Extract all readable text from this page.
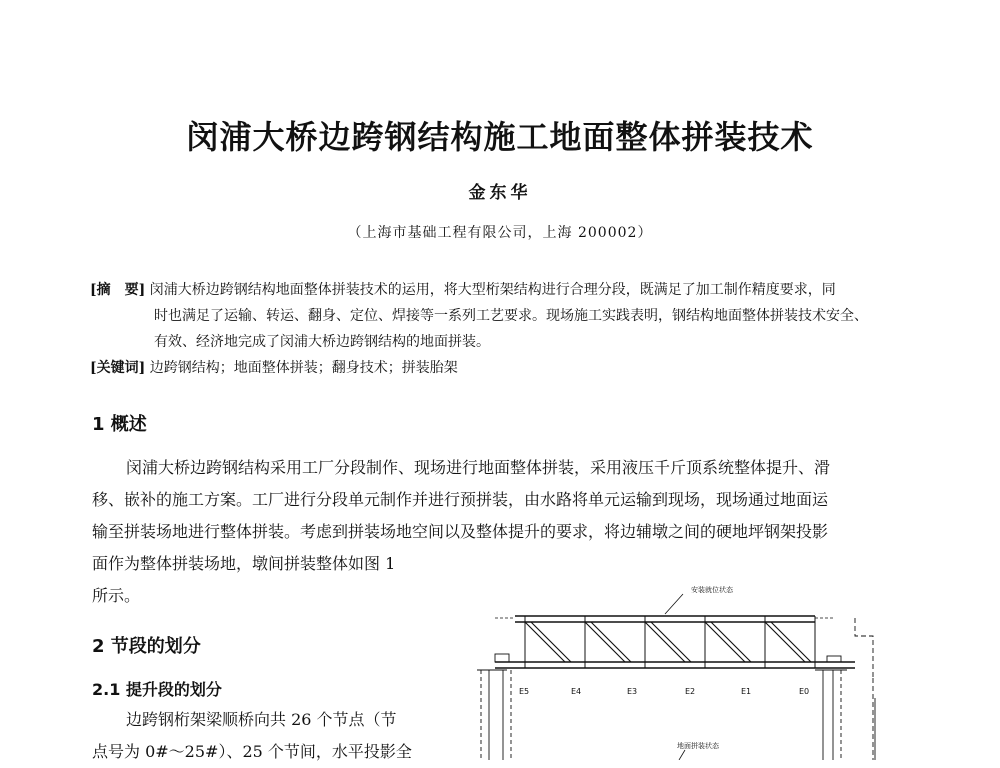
闵浦大桥边跨钢结构施工地面整体拼装技术
金东华
（上海市基础工程有限公司，上海 200002）
[摘　要] 闵浦大桥边跨钢结构地面整体拼装技术的运用，将大型桁架结构进行合理分段，既满足了加工制作精度要求，同
时也满足了运输、转运、翻身、定位、焊接等一系列工艺要求。现场施工实践表明，钢结构地面整体拼装技术安全、
有效、经济地完成了闵浦大桥边跨钢结构的地面拼装。
[关键词] 边跨钢结构；地面整体拼装；翻身技术；拼装胎架
1 概述
闵浦大桥边跨钢结构采用工厂分段制作、现场进行地面整体拼装，采用液压千斤顶系统整体提升、滑
移、嵌补的施工方案。工厂进行分段单元制作并进行预拼装，由水路将单元运输到现场，现场通过地面运
输至拼装场地进行整体拼装。考虑到拼装场地空间以及整体提升的要求，将边辅墩之间的硬地坪钢架投影
面作为整体拼装场地，墩间拼装整体如图 1
所示。
2 节段的划分
2.1 提升段的划分
边跨钢桁架梁顺桥向共 26 个节点（节
点号为 0#～25#）、25 个节间，水平投影全
安装就位状态
E5	E4	E3	E2	E1	E0
地面拼装状态
